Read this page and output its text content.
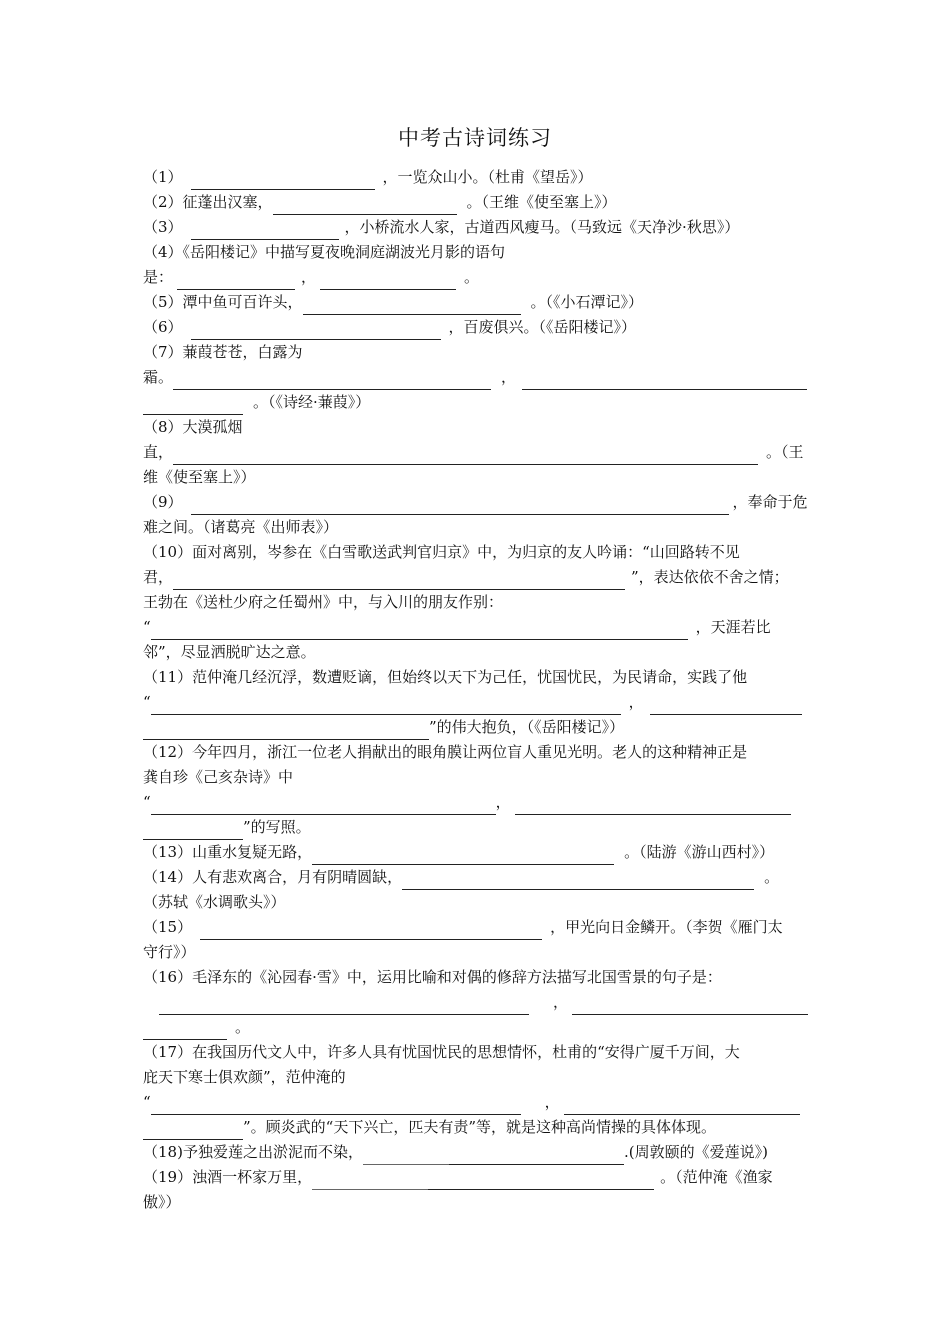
中考古诗词练习
（1）	，一览众山小。（杜甫《望岳》）
（2）征蓬出汉塞，	。（王维《使至塞上》）
（3）	，小桥流水人家，古道西风瘦马。（马致远《天净沙·秋思》）
（4）《岳阳楼记》中描写夏夜晚洞庭湖波光月影的语句
是：	，	。
（5）潭中鱼可百许头，	。（《小石潭记》）
（6）	，百废俱兴。（《岳阳楼记》）
（7）蒹葭苍苍，白露为
霜。	，
。（《诗经·蒹葭》）
（8）大漠孤烟
直，	。（王
维《使至塞上》）
（9）	，奉命于危
难之间。（诸葛亮《出师表》）
（10）面对离别，岑参在《白雪歌送武判官归京》中，为归京的友人吟诵：“山回路转不见
君，	”，表达依依不舍之情；
王勃在《送杜少府之任蜀州》中，与入川的朋友作别：
“	，天涯若比
邻”，尽显洒脱旷达之意。
（11）范仲淹几经沉浮，数遭贬谪，但始终以天下为己任，忧国忧民，为民请命，实践了他
“	，
”的伟大抱负，（《岳阳楼记》）
（12）今年四月，浙江一位老人捐献出的眼角膜让两位盲人重见光明。老人的这种精神正是
龚自珍《己亥杂诗》中
“	，
”的写照。
（13）山重水复疑无路，	。（陆游《游山西村》）
（14）人有悲欢离合，月有阴晴圆缺，	。
（苏轼《水调歌头》）
（15）	，甲光向日金鳞开。（李贺《雁门太
守行》）
（16）毛泽东的《沁园春·雪》中，运用比喻和对偶的修辞方法描写北国雪景的句子是：
，
。
（17）在我国历代文人中，许多人具有忧国忧民的思想情怀，杜甫的“安得广厦千万间，大
庇天下寒士俱欢颜”，范仲淹的
“	，
”。顾炎武的“天下兴亡，匹夫有责”等，就是这种高尚情操的具体体现。
（18)予独爱莲之出淤泥而不染，	.(周敦颐的《爱莲说》)
（19）浊酒一杯家万里，	。（范仲淹《渔家
傲》）
